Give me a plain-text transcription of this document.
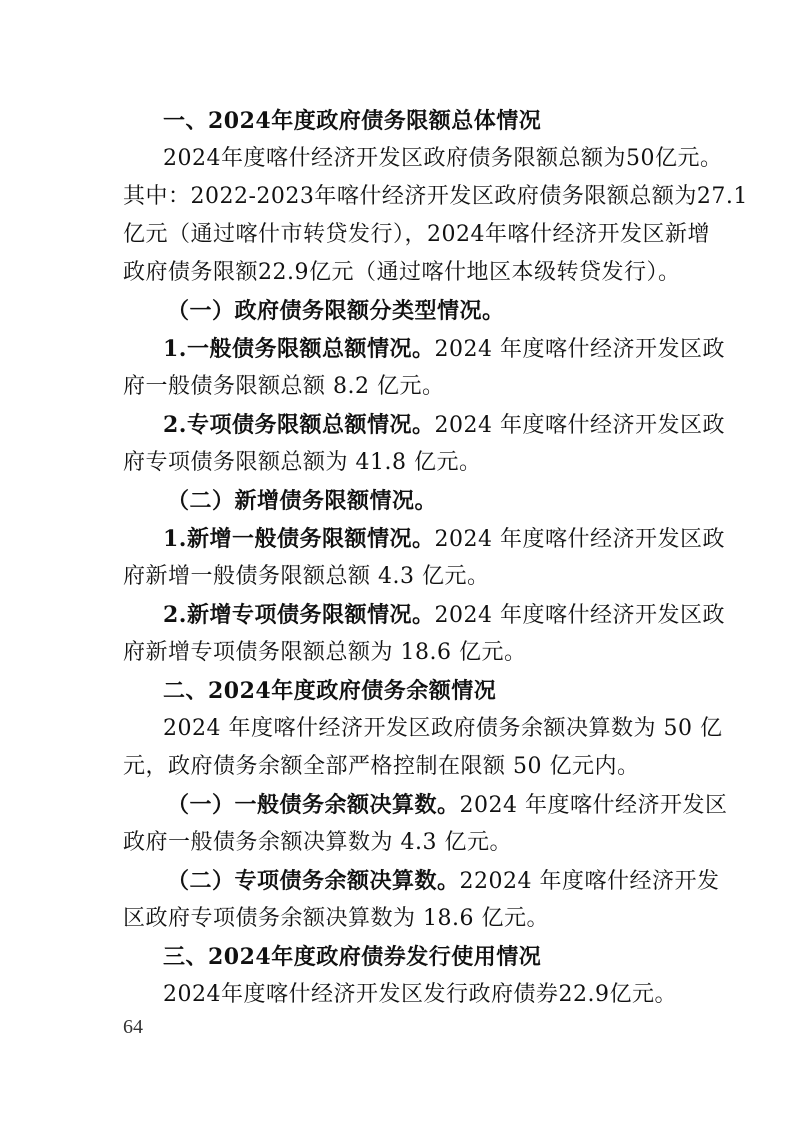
一、2024年度政府债务限额总体情况
2024年度喀什经济开发区政府债务限额总额为50亿元。
其中：2022-2023年喀什经济开发区政府债务限额总额为27.1
亿元（通过喀什市转贷发行），2024年喀什经济开发区新增
政府债务限额22.9亿元（通过喀什地区本级转贷发行）。
（一）政府债务限额分类型情况。
1.一般债务限额总额情况。2024 年度喀什经济开发区政
府一般债务限额总额 8.2 亿元。
2.专项债务限额总额情况。2024 年度喀什经济开发区政
府专项债务限额总额为 41.8 亿元。
（二）新增债务限额情况。
1.新增一般债务限额情况。2024 年度喀什经济开发区政
府新增一般债务限额总额 4.3 亿元。
2.新增专项债务限额情况。2024 年度喀什经济开发区政
府新增专项债务限额总额为 18.6 亿元。
二、2024年度政府债务余额情况
2024 年度喀什经济开发区政府债务余额决算数为 50 亿
元，政府债务余额全部严格控制在限额 50 亿元内。
（一）一般债务余额决算数。2024 年度喀什经济开发区
政府一般债务余额决算数为 4.3 亿元。
（二）专项债务余额决算数。22024 年度喀什经济开发
区政府专项债务余额决算数为 18.6 亿元。
三、2024年度政府债券发行使用情况
2024年度喀什经济开发区发行政府债券22.9亿元。
64
